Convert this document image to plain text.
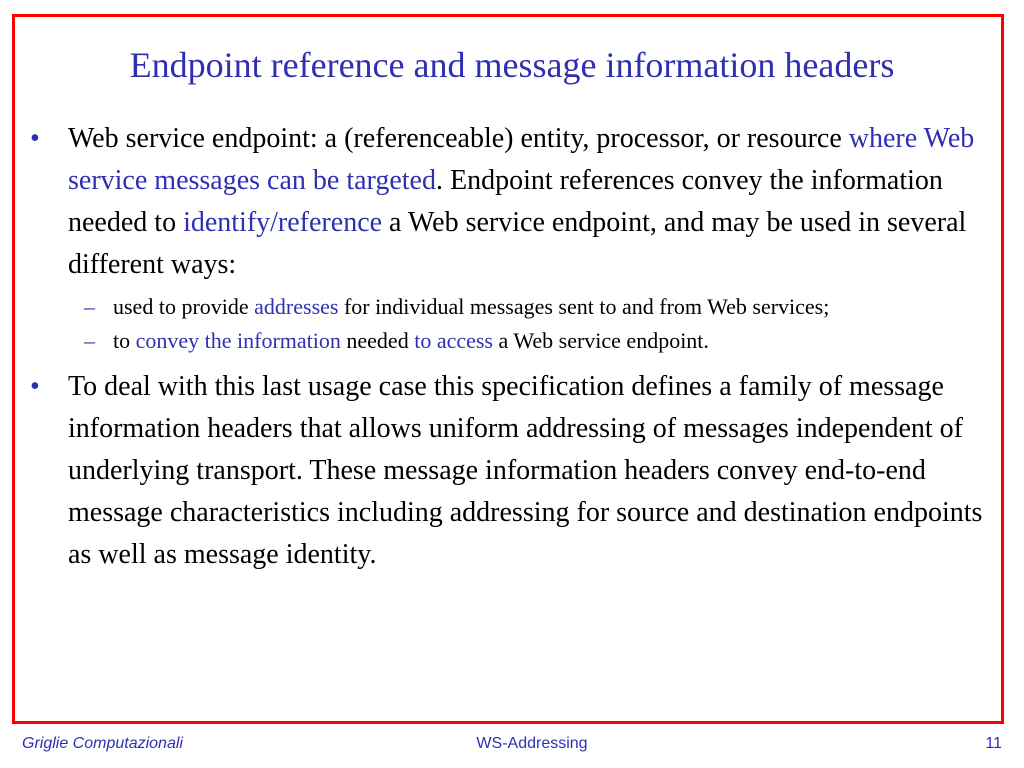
Endpoint reference and message information headers
•	Web service endpoint: a (referenceable) entity, processor, or resource where Web service messages can be targeted. Endpoint references convey the information needed to identify/reference a Web service endpoint, and may be used in several different ways:
– used to provide addresses for individual messages sent to and from Web services;
– to convey the information needed to access a Web service endpoint.
•	To deal with this last usage case this specification defines a family of message information headers that allows uniform addressing of messages independent of underlying transport. These message information headers convey end-to-end message characteristics including addressing for source and destination endpoints as well as message identity.
Griglie Computazionali	WS-Addressing	11
